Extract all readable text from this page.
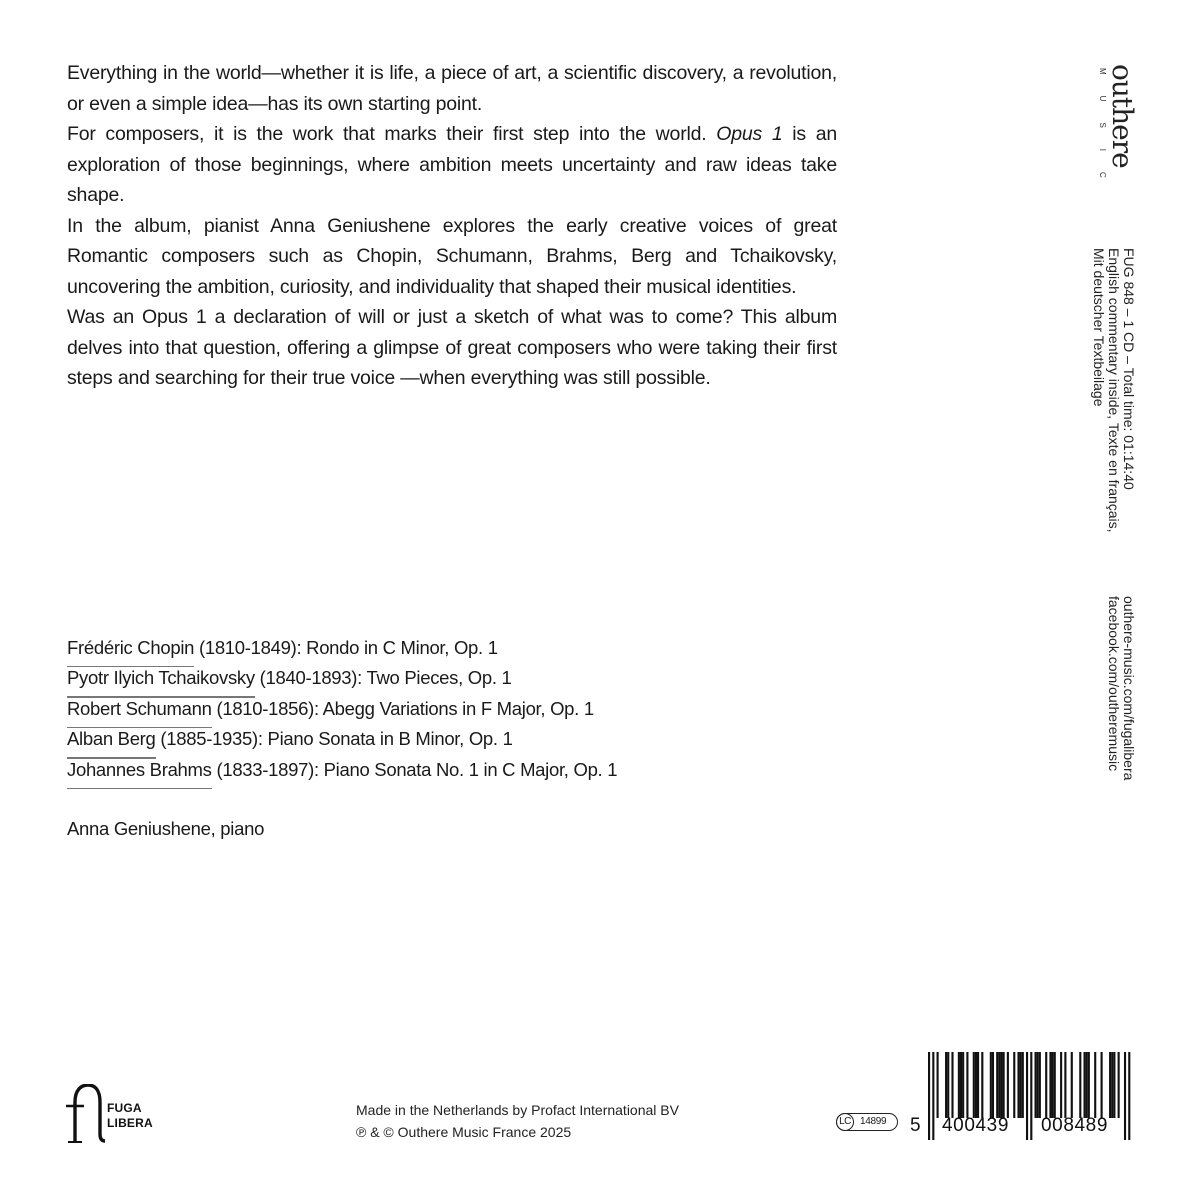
Everything in the world—whether it is life, a piece of art, a scientific discovery, a revolution, or even a simple idea—has its own starting point.

For composers, it is the work that marks their first step into the world. Opus 1 is an exploration of those beginnings, where ambition meets uncertainty and raw ideas take shape.

In the album, pianist Anna Geniushene explores the early creative voices of great Romantic composers such as Chopin, Schumann, Brahms, Berg and Tchaikovsky, uncovering the ambition, curiosity, and individuality that shaped their musical identities.

Was an Opus 1 a declaration of will or just a sketch of what was to come? This album delves into that question, offering a glimpse of great composers who were taking their first steps and searching for their true voice —when everything was still possible.

Frédéric Chopin (1810-1849): Rondo in C Minor, Op. 1
Pyotr Ilyich Tchaikovsky (1840-1893): Two Pieces, Op. 1
Robert Schumann (1810-1856): Abegg Variations in F Major, Op. 1
Alban Berg (1885-1935): Piano Sonata in B Minor, Op. 1
Johannes Brahms (1833-1897): Piano Sonata No. 1 in C Major, Op. 1
Anna Geniushene, piano
outhere
MUSIC
FUG 848 – 1 CD – Total time: 01:14:40
English commentary inside, Texte en français,
Mit deutscher Textbeilage
outhere-music.com/fugalibera
facebook.com/outheremusic
FUGA
LIBERA
Made in the Netherlands by Profact International BV
℗ & © Outhere Music France 2025
LC 14899 5 400439 008489
